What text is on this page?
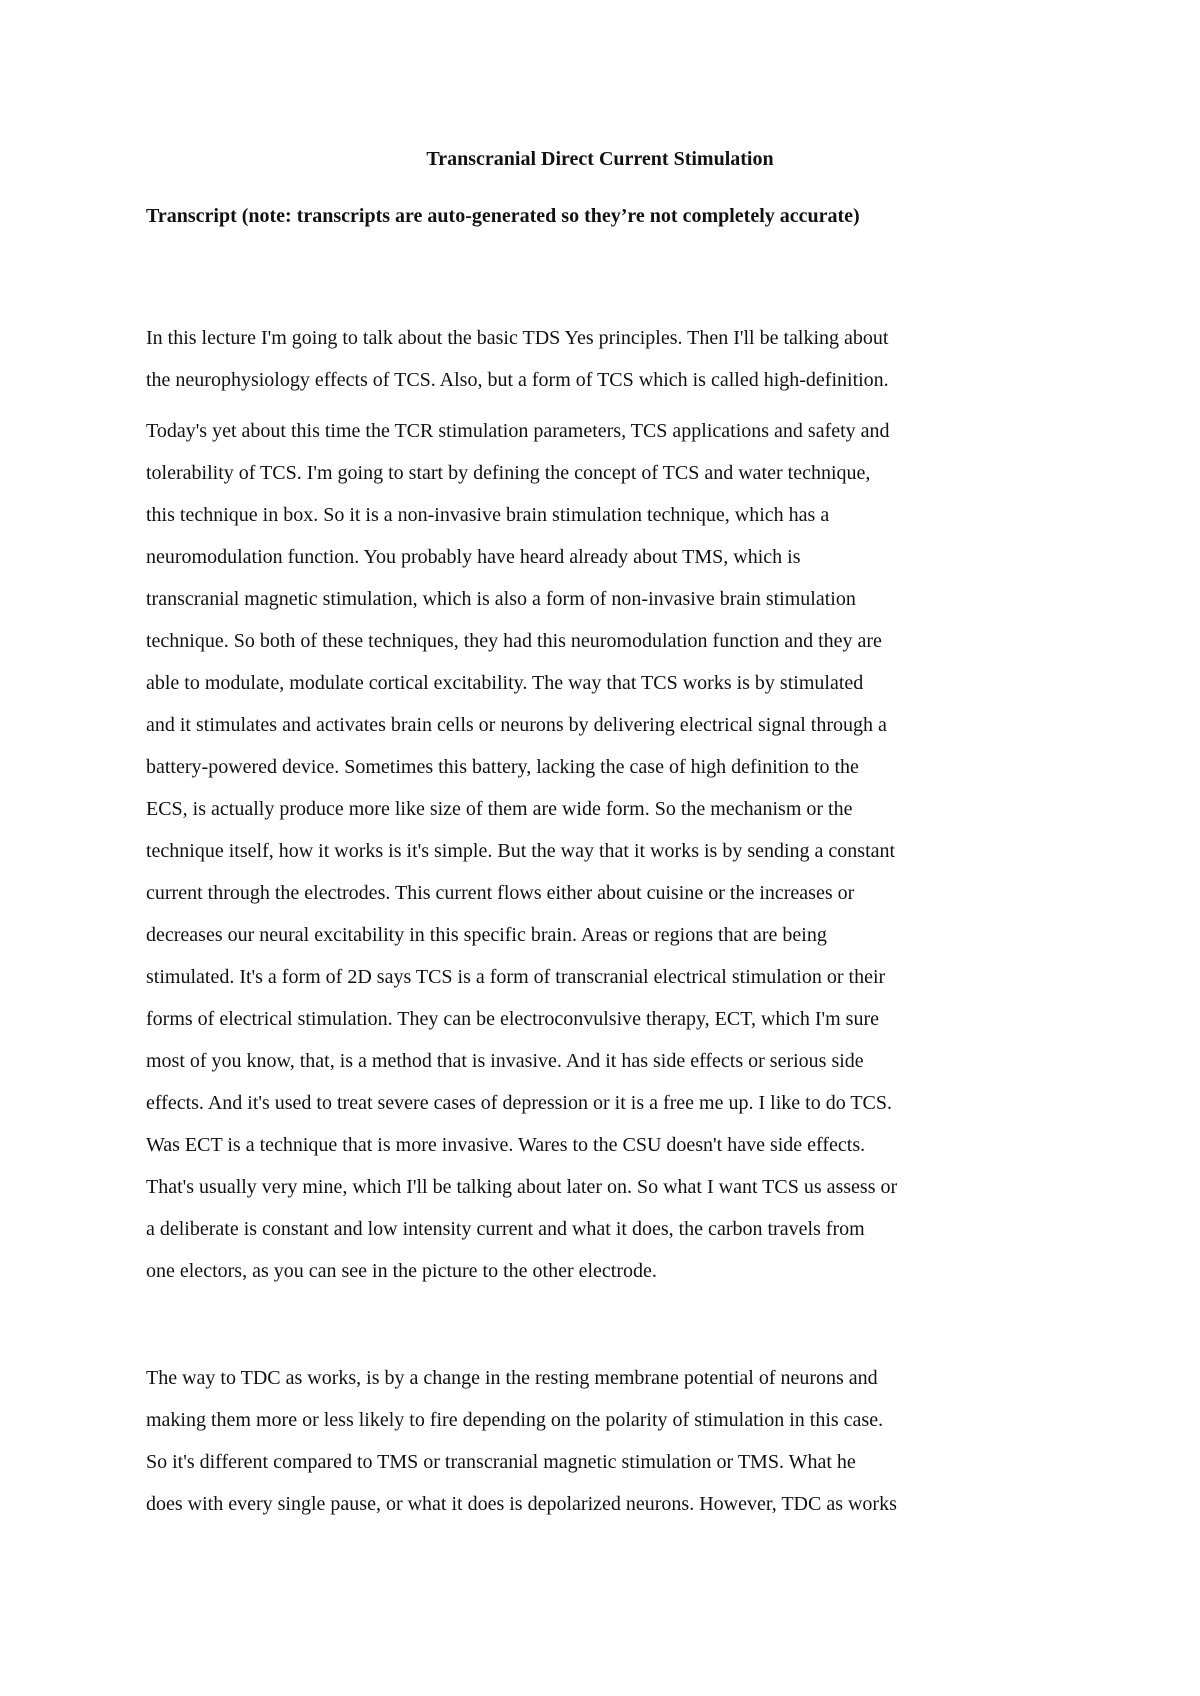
Transcranial Direct Current Stimulation
Transcript (note: transcripts are auto-generated so they’re not completely accurate)
In this lecture I'm going to talk about the basic TDS Yes principles. Then I'll be talking about
the neurophysiology effects of TCS. Also, but a form of TCS which is called high-definition.
Today's yet about this time the TCR stimulation parameters, TCS applications and safety and
tolerability of TCS. I'm going to start by defining the concept of TCS and water technique,
this technique in box. So it is a non-invasive brain stimulation technique, which has a
neuromodulation function. You probably have heard already about TMS, which is
transcranial magnetic stimulation, which is also a form of non-invasive brain stimulation
technique. So both of these techniques, they had this neuromodulation function and they are
able to modulate, modulate cortical excitability. The way that TCS works is by stimulated
and it stimulates and activates brain cells or neurons by delivering electrical signal through a
battery-powered device. Sometimes this battery, lacking the case of high definition to the
ECS, is actually produce more like size of them are wide form. So the mechanism or the
technique itself, how it works is it's simple. But the way that it works is by sending a constant
current through the electrodes. This current flows either about cuisine or the increases or
decreases our neural excitability in this specific brain. Areas or regions that are being
stimulated. It's a form of 2D says TCS is a form of transcranial electrical stimulation or their
forms of electrical stimulation. They can be electroconvulsive therapy, ECT, which I'm sure
most of you know, that, is a method that is invasive. And it has side effects or serious side
effects. And it's used to treat severe cases of depression or it is a free me up. I like to do TCS.
Was ECT is a technique that is more invasive. Wares to the CSU doesn't have side effects.
That's usually very mine, which I'll be talking about later on. So what I want TCS us assess or
a deliberate is constant and low intensity current and what it does, the carbon travels from
one electors, as you can see in the picture to the other electrode.
The way to TDC as works, is by a change in the resting membrane potential of neurons and
making them more or less likely to fire depending on the polarity of stimulation in this case.
So it's different compared to TMS or transcranial magnetic stimulation or TMS. What he
does with every single pause, or what it does is depolarized neurons. However, TDC as works
